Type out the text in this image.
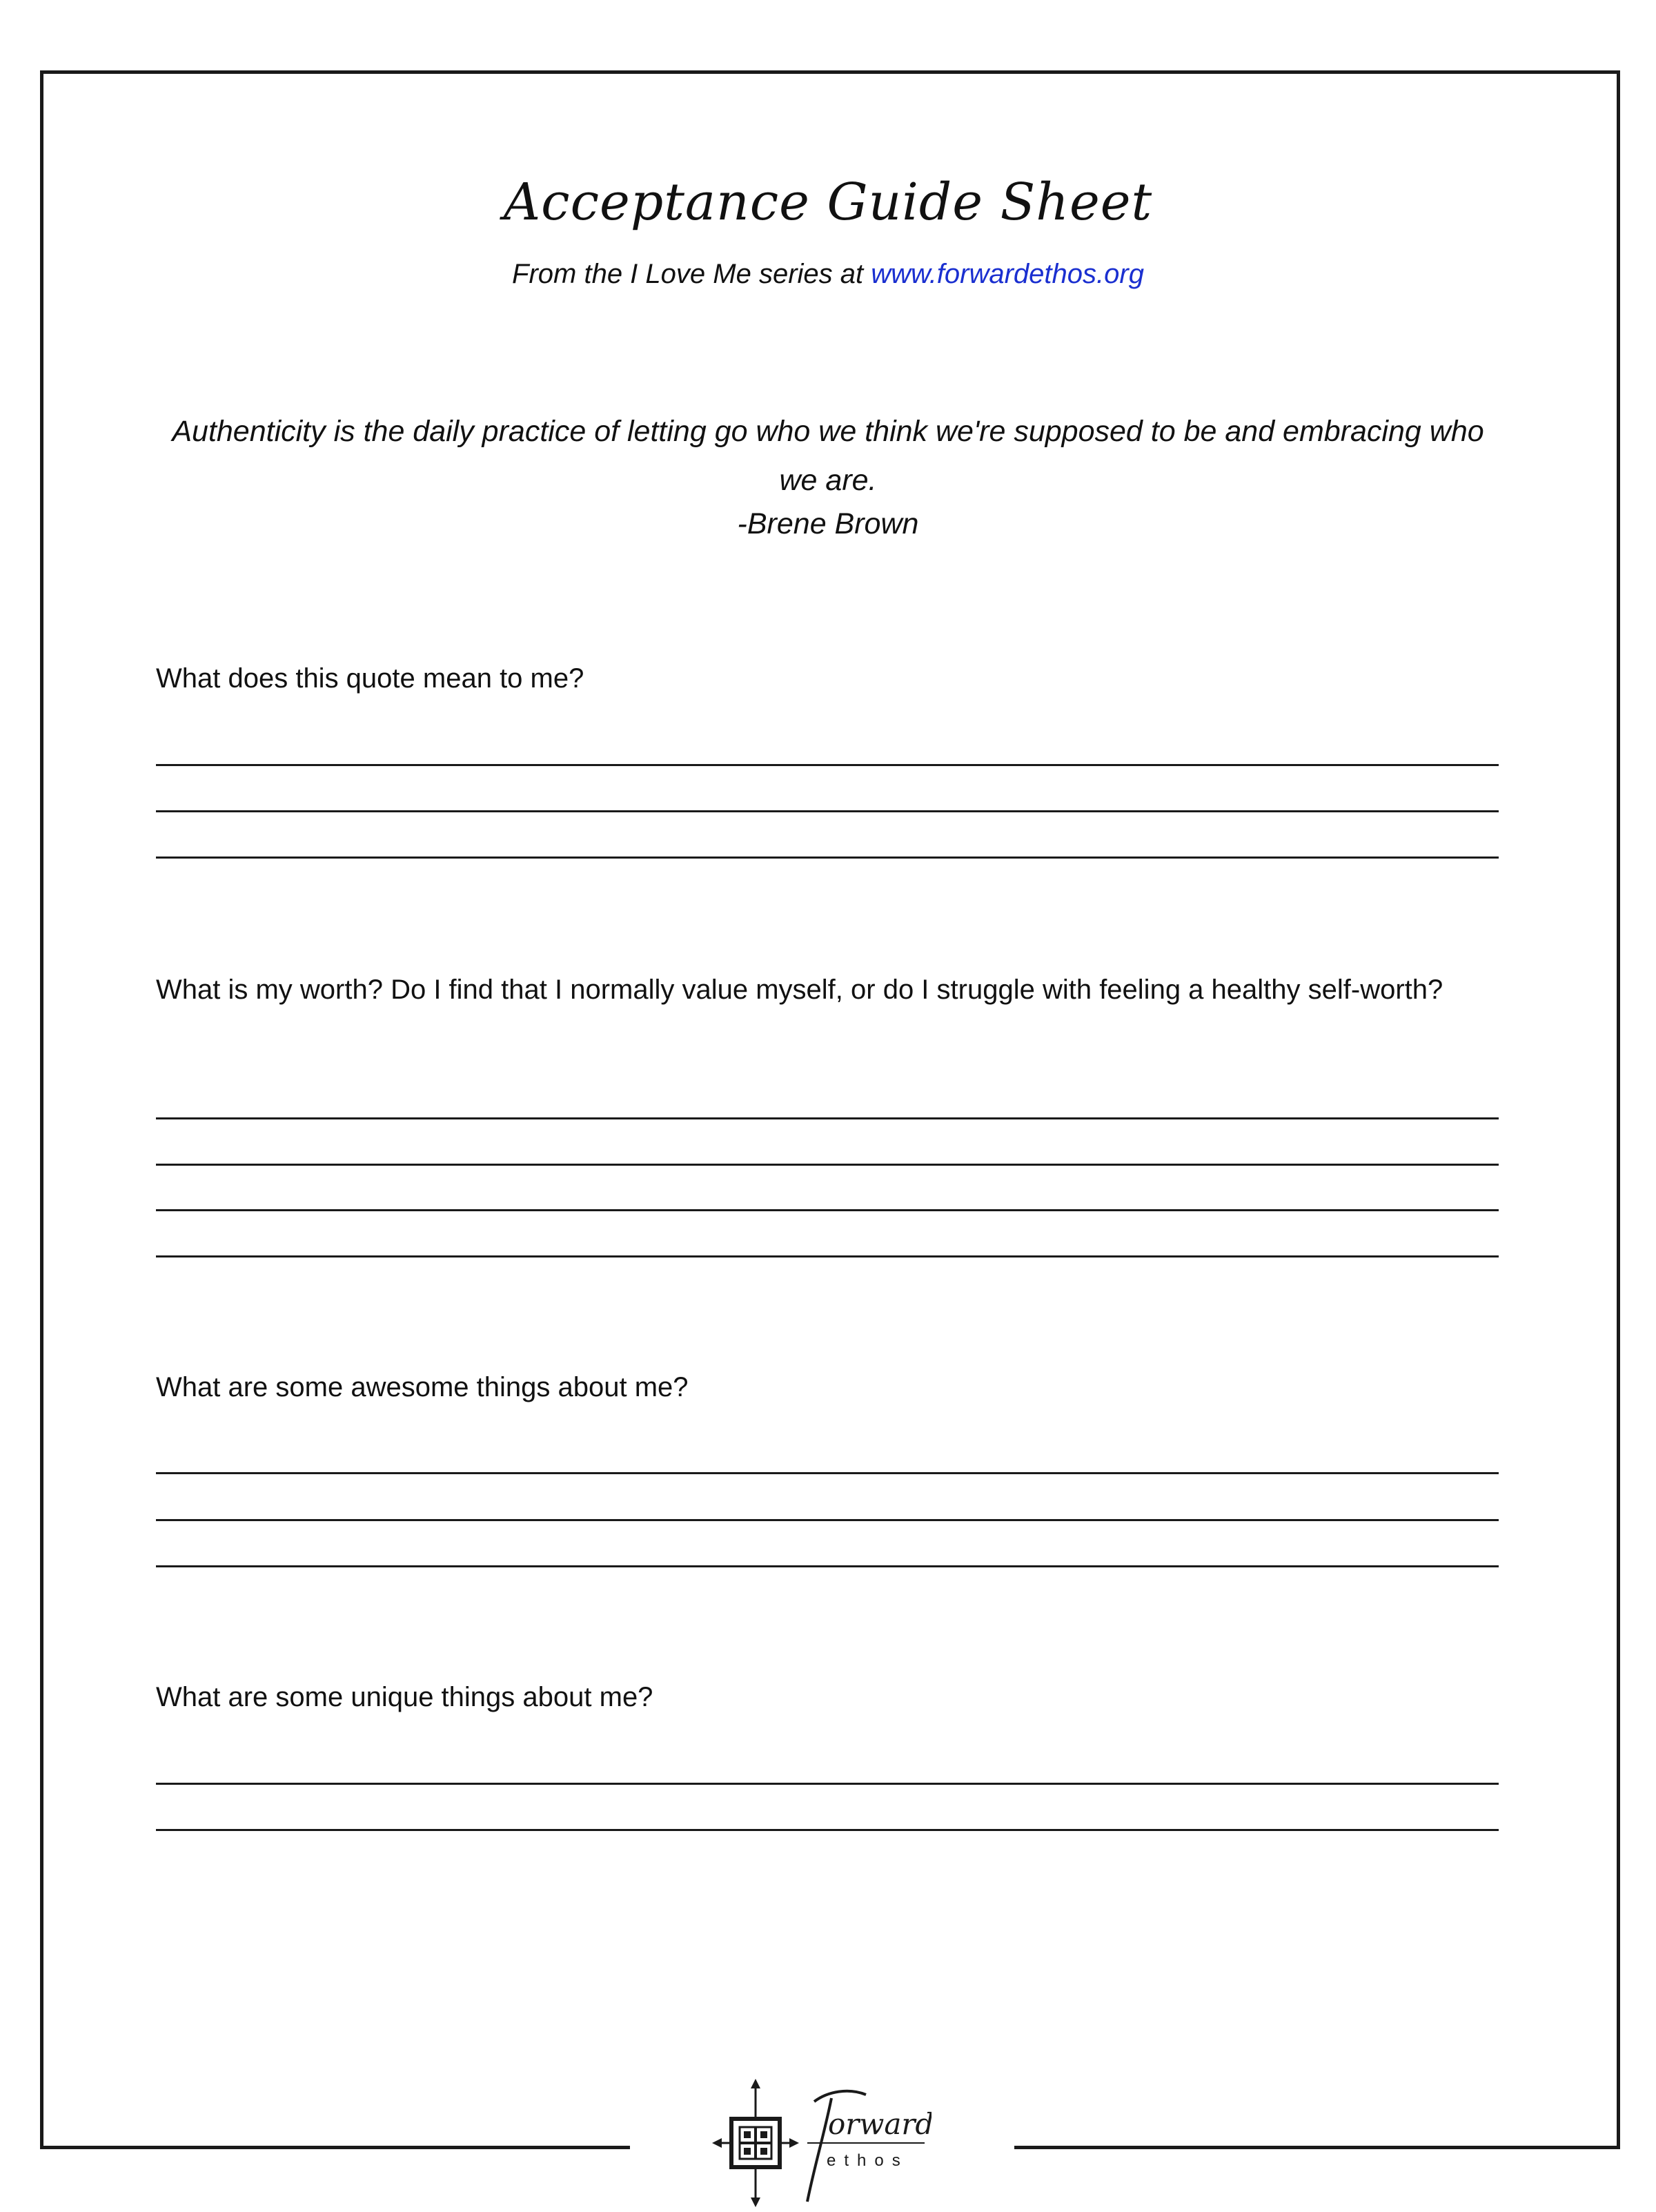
Acceptance Guide Sheet
From the I Love Me series at www.forwardethos.org
Authenticity is the daily practice of letting go who we think we're supposed to be and embracing who we are.
-Brene Brown
What does this quote mean to me?
What is my worth? Do I find that I normally value myself, or do I struggle with feeling a healthy self-worth?
What are some awesome things about me?
What are some unique things about me?
orward
ethos
